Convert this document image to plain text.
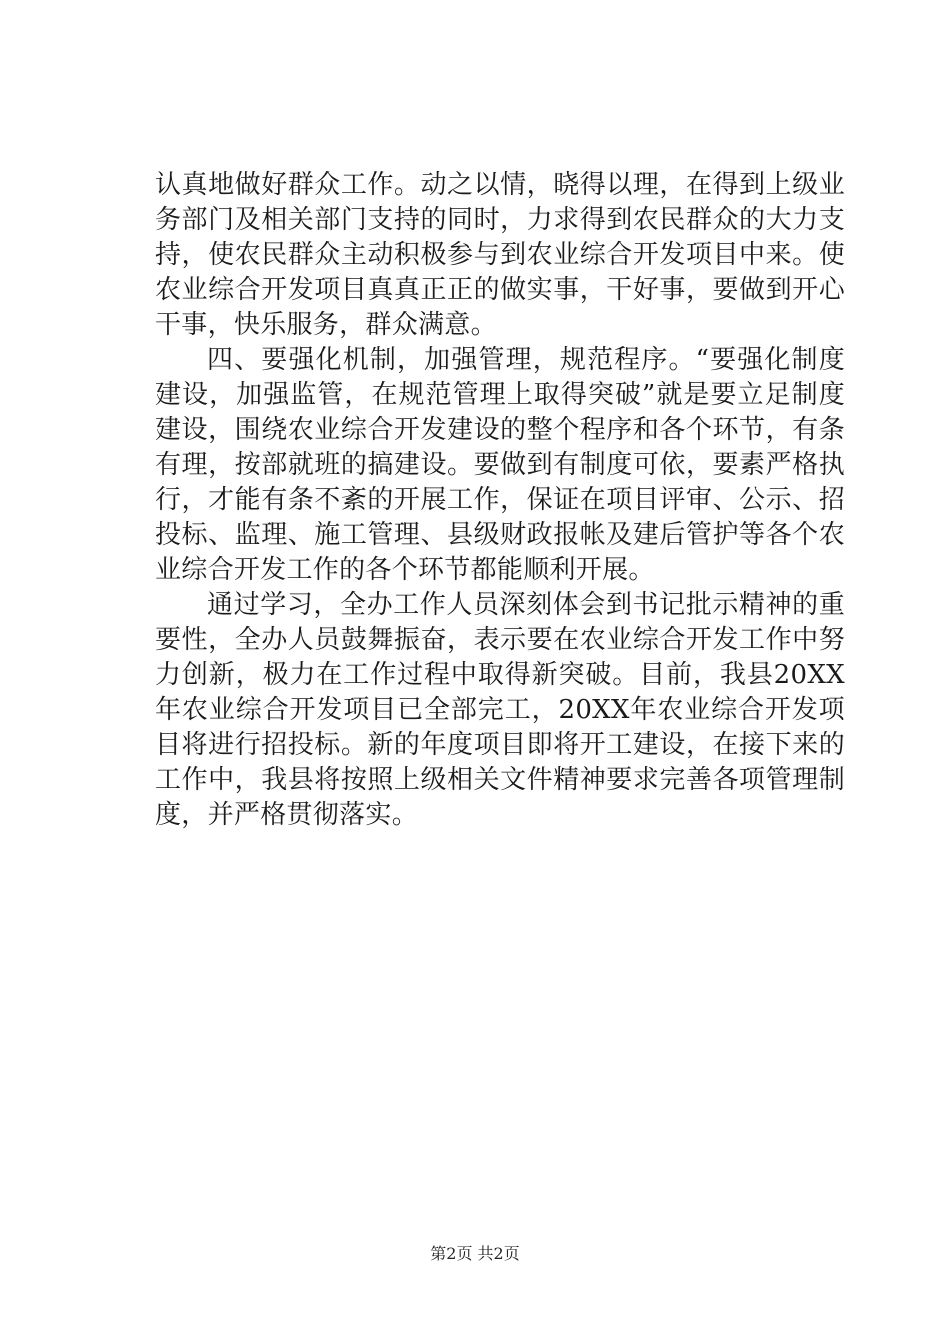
认真地做好群众工作。动之以情，晓得以理，在得到上级业务部门及相关部门支持的同时，力求得到农民群众的大力支持，使农民群众主动积极参与到农业综合开发项目中来。使农业综合开发项目真真正正的做实事，干好事，要做到开心干事，快乐服务，群众满意。

四、要强化机制，加强管理，规范程序。“要强化制度建设，加强监管，在规范管理上取得突破”就是要立足制度建设，围绕农业综合开发建设的整个程序和各个环节，有条有理，按部就班的搞建设。要做到有制度可依，要素严格执行，才能有条不紊的开展工作，保证在项目评审、公示、招投标、监理、施工管理、县级财政报帐及建后管护等各个农业综合开发工作的各个环节都能顺利开展。

通过学习，全办工作人员深刻体会到书记批示精神的重要性，全办人员鼓舞振奋，表示要在农业综合开发工作中努力创新，极力在工作过程中取得新突破。目前，我县20XX年农业综合开发项目已全部完工，20XX年农业综合开发项目将进行招投标。新的年度项目即将开工建设，在接下来的工作中，我县将按照上级相关文件精神要求完善各项管理制度，并严格贯彻落实。

第2页 共2页
